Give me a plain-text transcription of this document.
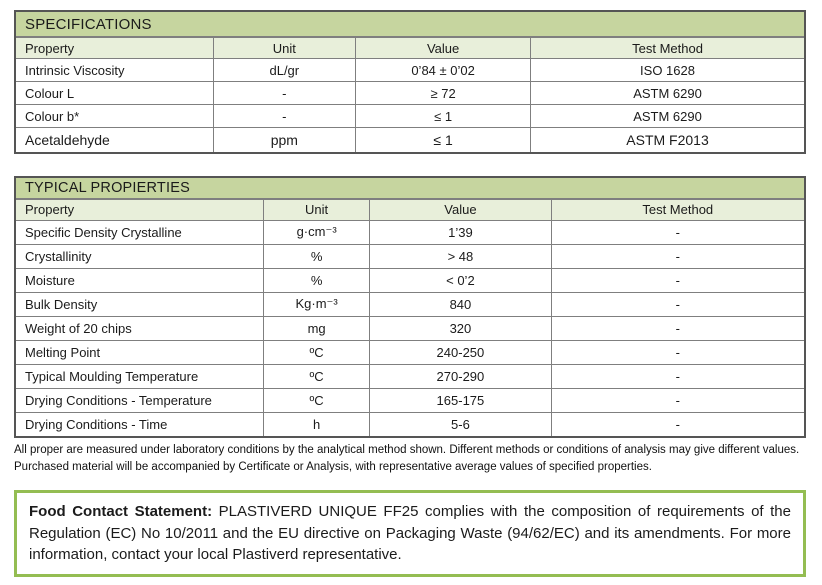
SPECIFICATIONS
Property	Unit	Value	Test Method
Intrinsic Viscosity	dL/gr	0’84 ± 0’02	ISO 1628
Colour L	-	≥ 72	ASTM 6290
Colour b*	-	≤ 1	ASTM 6290
Acetaldehyde	ppm	≤ 1	ASTM F2013
TYPICAL PROPIERTIES
Property	Unit	Value	Test Method
Specific Density Crystalline	g·cm⁻³	1’39	-
Crystallinity	%	> 48	-
Moisture	%	< 0’2	-
Bulk Density	Kg·m⁻³	840	-
Weight of 20 chips	mg	320	-
Melting Point	ºC	240-250	-
Typical Moulding Temperature	ºC	270-290	-
Drying Conditions - Temperature	ºC	165-175	-
Drying Conditions - Time	h	5-6	-

All proper are measured under laboratory conditions by the analytical method shown. Different methods or conditions of analysis may give different values. Purchased material will be accompanied by Certificate or Analysis, with representative average values of specified properties.

Food Contact Statement: PLASTIVERD UNIQUE FF25 complies with the composition of requirements of the Regulation (EC) No 10/2011 and the EU directive on Packaging Waste (94/62/EC) and its amendments. For more information, contact your local Plastiverd representative.
